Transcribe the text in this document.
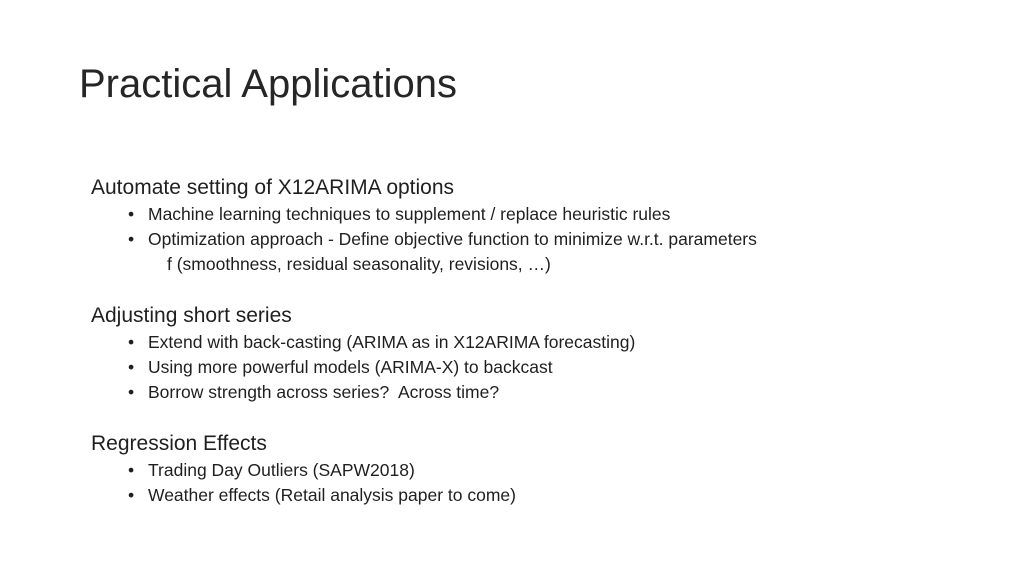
Practical Applications
Automate setting of X12ARIMA options
• Machine learning techniques to supplement / replace heuristic rules
• Optimization approach - Define objective function to minimize w.r.t. parameters
f (smoothness, residual seasonality, revisions, …)
Adjusting short series
• Extend with back-casting (ARIMA as in X12ARIMA forecasting)
• Using more powerful models (ARIMA-X) to backcast
• Borrow strength across series?  Across time?
Regression Effects
• Trading Day Outliers (SAPW2018)
• Weather effects (Retail analysis paper to come)
